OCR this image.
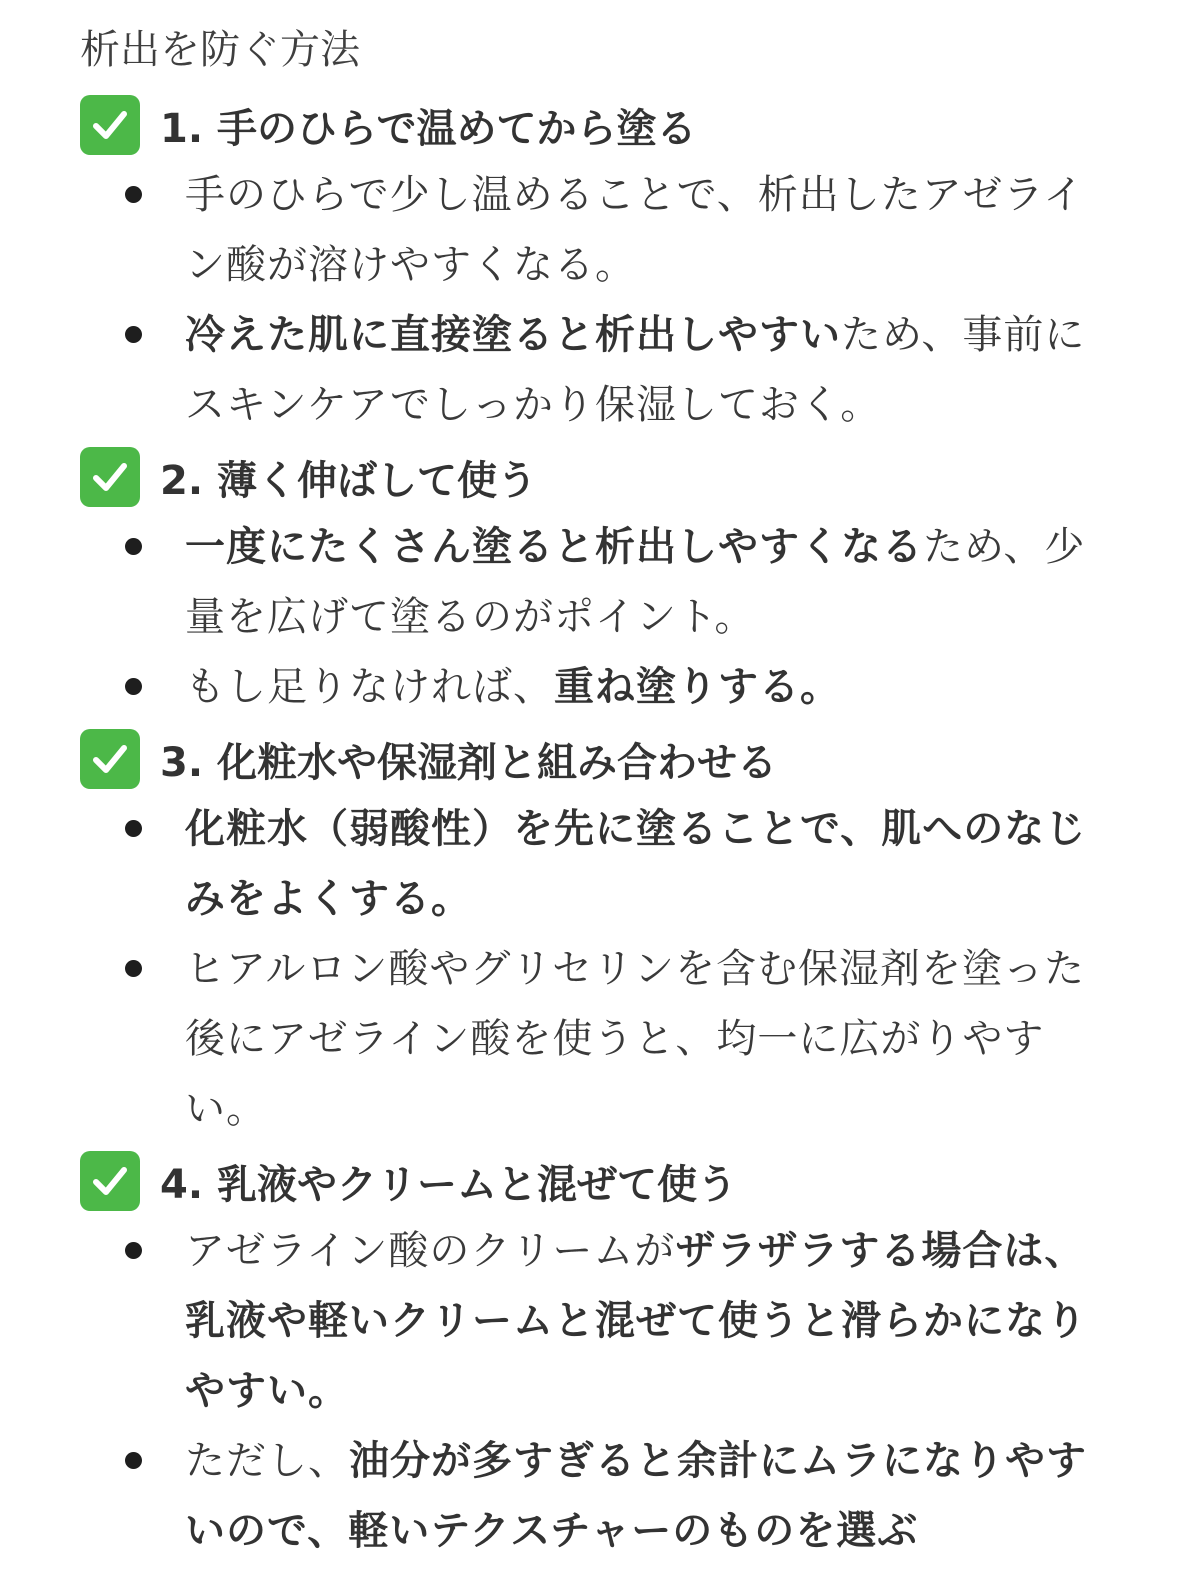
析出を防ぐ方法
1. 手のひらで温めてから塗る
手のひらで少し温めることで、析出したアゼライン酸が溶けやすくなる。
冷えた肌に直接塗ると析出しやすいため、事前にスキンケアでしっかり保湿しておく。
2. 薄く伸ばして使う
一度にたくさん塗ると析出しやすくなるため、少量を広げて塗るのがポイント。
もし足りなければ、重ね塗りする。
3. 化粧水や保湿剤と組み合わせる
化粧水（弱酸性）を先に塗ることで、肌へのなじみをよくする。
ヒアルロン酸やグリセリンを含む保湿剤を塗った後にアゼライン酸を使うと、均一に広がりやすい。
4. 乳液やクリームと混ぜて使う
アゼライン酸のクリームがザラザラする場合は、乳液や軽いクリームと混ぜて使うと滑らかになりやすい。
ただし、油分が多すぎると余計にムラになりやすいので、軽いテクスチャーのものを選ぶ
